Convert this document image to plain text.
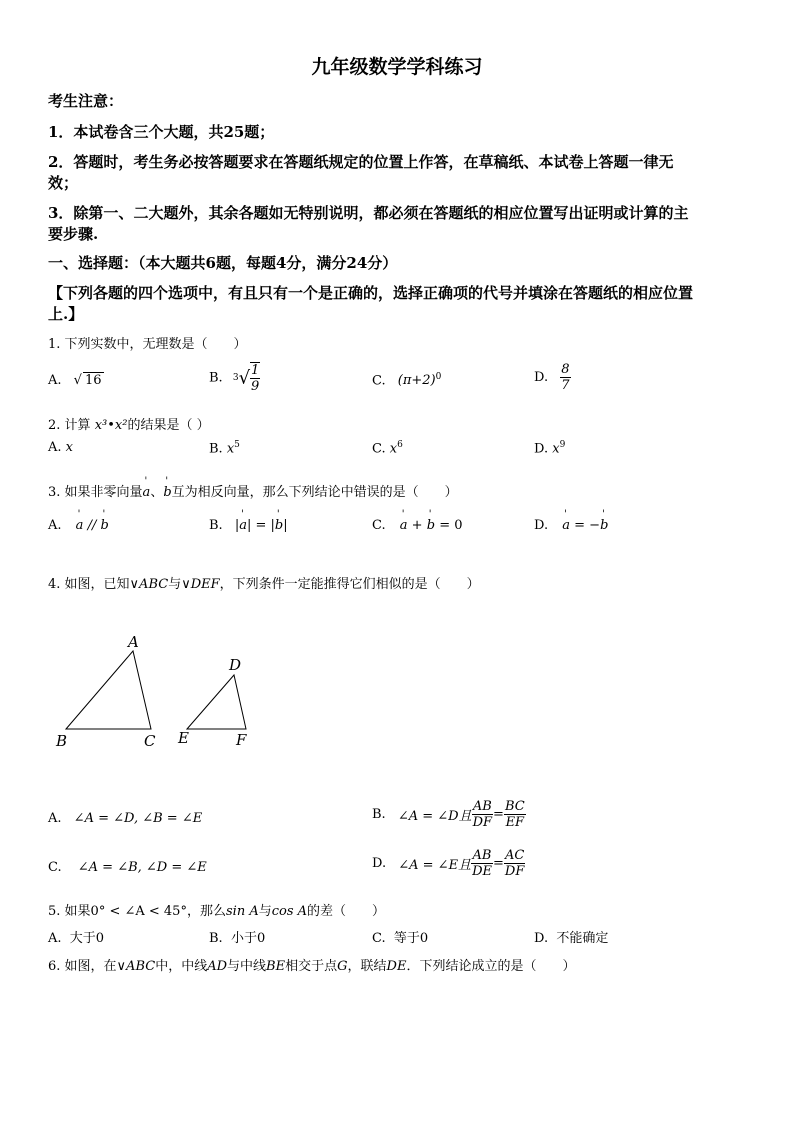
九年级数学学科练习
考生注意：
1．本试卷含三个大题，共25题；
2．答题时，考生务必按答题要求在答题纸规定的位置上作答，在草稿纸、本试卷上答题一律无
效；
3．除第一、二大题外，其余各题如无特别说明，都必须在答题纸的相应位置写出证明或计算的主
要步骤.
一、选择题：（本大题共6题，每题4分，满分24分）
【下列各题的四个选项中，有且只有一个是正确的，选择正确项的代号并填涂在答题纸的相应位置
上.】
1. 下列实数中，无理数是（　　）
A. √ 16	B. $3√ \frac{1}{9}$	C. $(\pi+2)^0$	D. $\frac{8}{7}$
2. 计算 x³•x²的结果是（ ）
A. x	B. $x^5$	C. $x^6$	D. $x^9$
3. 如果非零向量' a、' b互为相反向量，那么下列结论中错误的是（　　）
A. ' a // ' b	B. |' a| = |' b|	C. ' a + ' b = 0	D. ' a = −' b
4. 如图，已知∨ABC与∨DEF，下列条件一定能推得它们相似的是（　　）
A
B	C
D
E	F
A. ∠A = ∠D, ∠B = ∠E	B. ∠A = ∠D且 $\frac{AB}{DF} = \frac{BC}{EF}$
C. ∠A = ∠B, ∠D = ∠E	D. ∠A = ∠E且 $\frac{AB}{DE} = \frac{AC}{DF}$
5. 如果0° < ∠A < 45°，那么sin A与cos A的差（　　）
A. 大于0	B. 小于0	C. 等于0	D. 不能确定
6. 如图，在∨ABC中，中线AD与中线BE相交于点G，联结DE．下列结论成立的是（　　）
